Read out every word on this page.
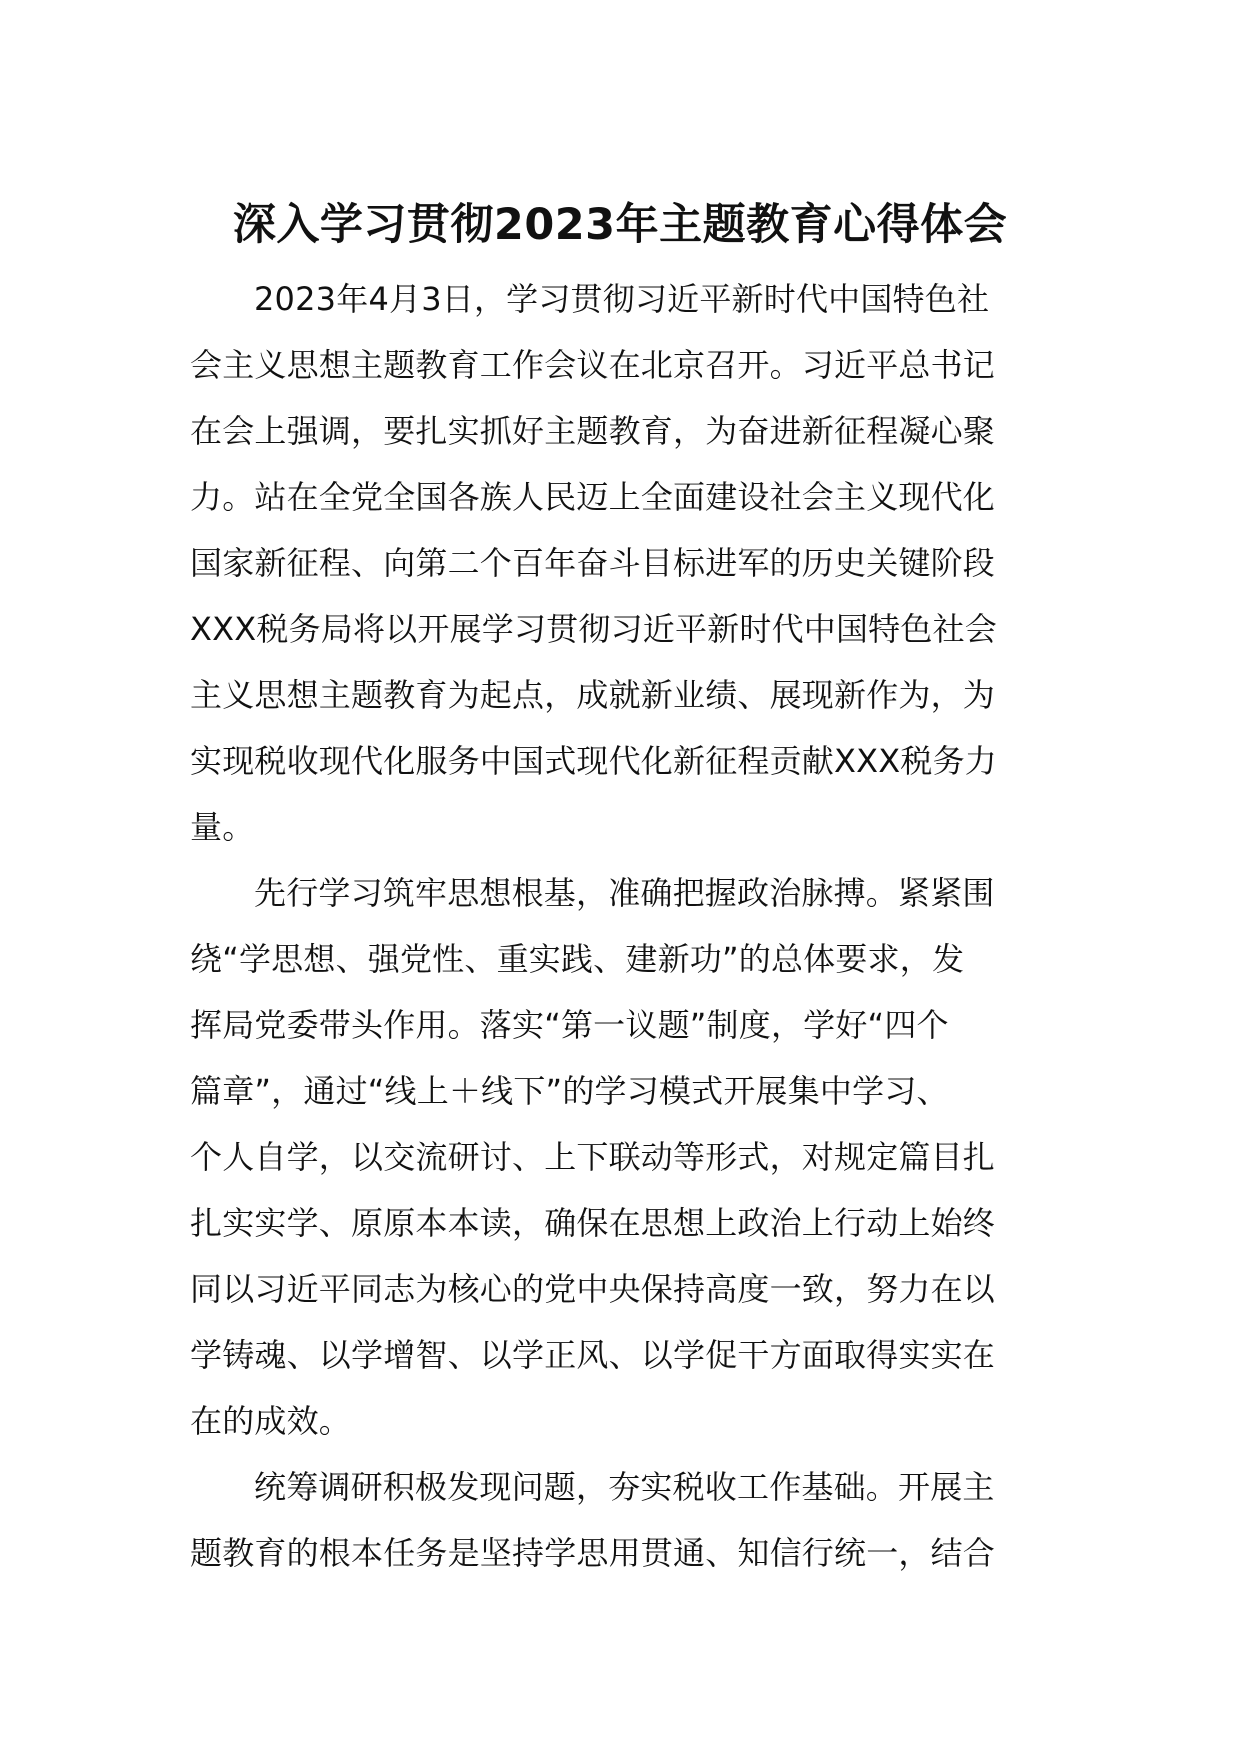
深入学习贯彻2023年主题教育心得体会
2023年4月3日，学习贯彻习近平新时代中国特色社
会主义思想主题教育工作会议在北京召开。习近平总书记
在会上强调，要扎实抓好主题教育，为奋进新征程凝心聚
力。站在全党全国各族人民迈上全面建设社会主义现代化
国家新征程、向第二个百年奋斗目标进军的历史关键阶段
XXX税务局将以开展学习贯彻习近平新时代中国特色社会
主义思想主题教育为起点，成就新业绩、展现新作为，为
实现税收现代化服务中国式现代化新征程贡献XXX税务力
量。
先行学习筑牢思想根基，准确把握政治脉搏。紧紧围
绕“学思想、强党性、重实践、建新功”的总体要求，发
挥局党委带头作用。落实“第一议题”制度，学好“四个
篇章”，通过“线上＋线下”的学习模式开展集中学习、
个人自学，以交流研讨、上下联动等形式，对规定篇目扎
扎实实学、原原本本读，确保在思想上政治上行动上始终
同以习近平同志为核心的党中央保持高度一致，努力在以
学铸魂、以学增智、以学正风、以学促干方面取得实实在
在的成效。
统筹调研积极发现问题，夯实税收工作基础。开展主
题教育的根本任务是坚持学思用贯通、知信行统一，结合
